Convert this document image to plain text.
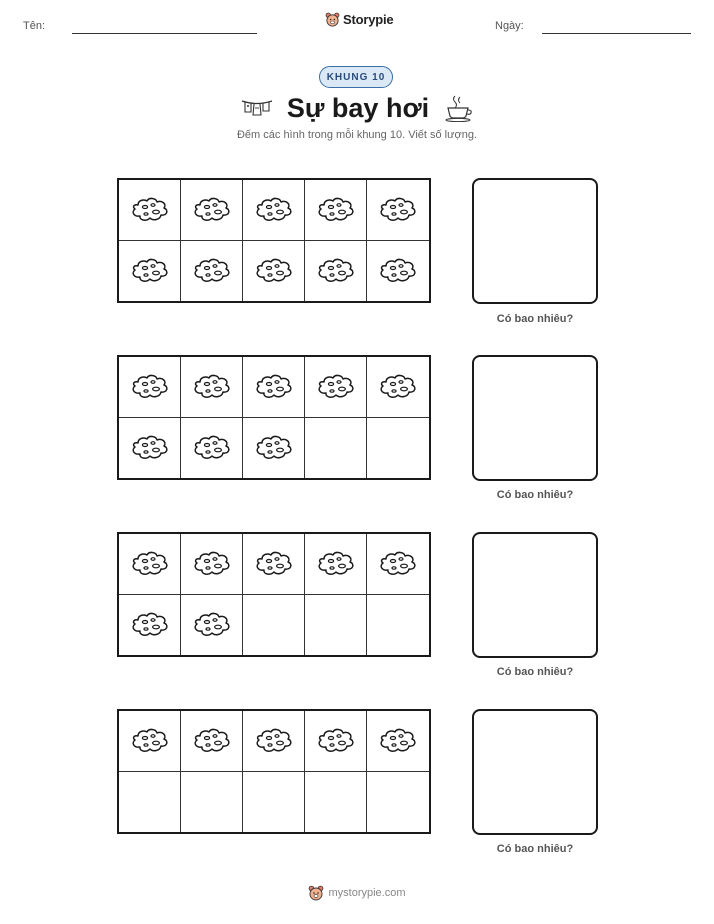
Tên:	Storypie	Ngày:
KHUNG 10
Sự bay hơi
Đếm các hình trong mỗi khung 10. Viết số lượng.
Có bao nhiêu?
Có bao nhiêu?
Có bao nhiêu?
Có bao nhiêu?
mystorypie.com
